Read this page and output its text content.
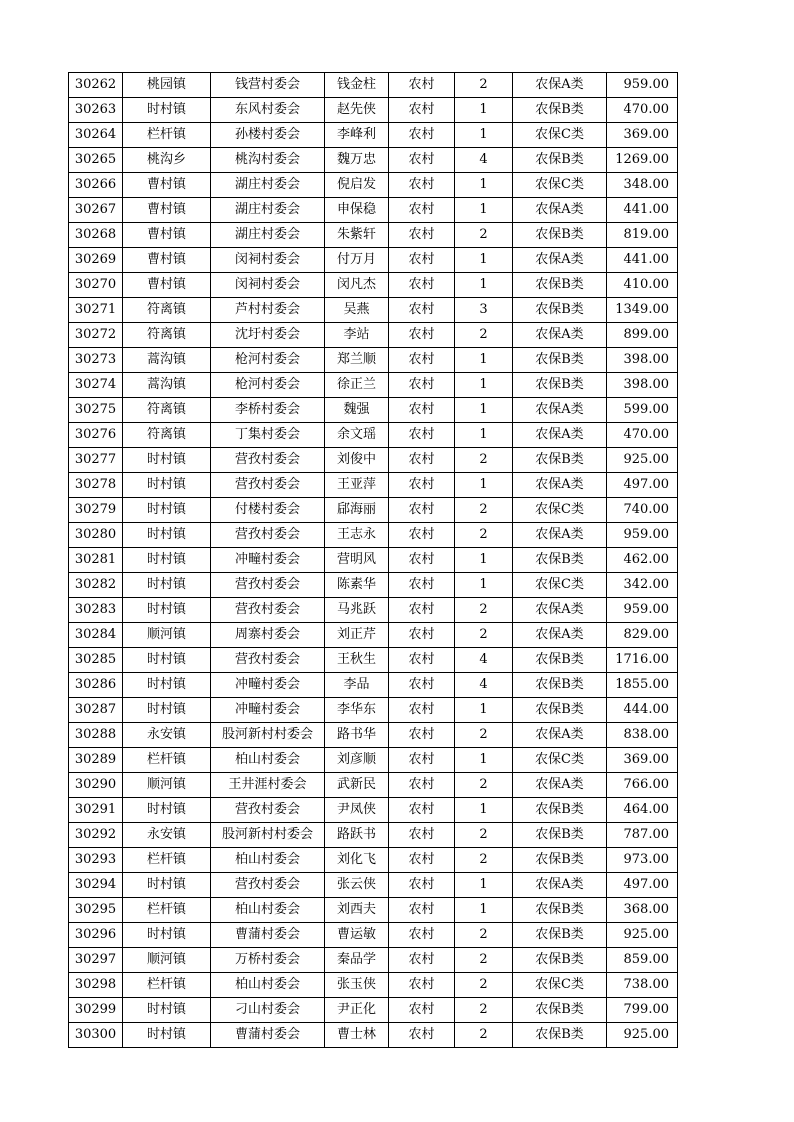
30262	桃园镇	钱营村委会	钱金柱	农村	2	农保A类	959.00
30263	时村镇	东风村委会	赵先侠	农村	1	农保B类	470.00
30264	栏杆镇	孙楼村委会	李峰利	农村	1	农保C类	369.00
30265	桃沟乡	桃沟村委会	魏万忠	农村	4	农保B类	1269.00
30266	曹村镇	湖庄村委会	倪启发	农村	1	农保C类	348.00
30267	曹村镇	湖庄村委会	申保稳	农村	1	农保A类	441.00
30268	曹村镇	湖庄村委会	朱紫轩	农村	2	农保B类	819.00
30269	曹村镇	闵祠村委会	付万月	农村	1	农保A类	441.00
30270	曹村镇	闵祠村委会	闵凡杰	农村	1	农保B类	410.00
30271	符离镇	芦村村委会	吴燕	农村	3	农保B类	1349.00
30272	符离镇	沈圩村委会	李站	农村	2	农保A类	899.00
30273	蒿沟镇	枪河村委会	郑兰顺	农村	1	农保B类	398.00
30274	蒿沟镇	枪河村委会	徐正兰	农村	1	农保B类	398.00
30275	符离镇	李桥村委会	魏强	农村	1	农保A类	599.00
30276	符离镇	丁集村委会	余文瑶	农村	1	农保A类	470.00
30277	时村镇	营孜村委会	刘俊中	农村	2	农保B类	925.00
30278	时村镇	营孜村委会	王亚萍	农村	1	农保A类	497.00
30279	时村镇	付楼村委会	郈海丽	农村	2	农保C类	740.00
30280	时村镇	营孜村委会	王志永	农村	2	农保A类	959.00
30281	时村镇	冲疃村委会	营明风	农村	1	农保B类	462.00
30282	时村镇	营孜村委会	陈素华	农村	1	农保C类	342.00
30283	时村镇	营孜村委会	马兆跃	农村	2	农保A类	959.00
30284	顺河镇	周寨村委会	刘正芹	农村	2	农保A类	829.00
30285	时村镇	营孜村委会	王秋生	农村	4	农保B类	1716.00
30286	时村镇	冲疃村委会	李品	农村	4	农保B类	1855.00
30287	时村镇	冲疃村委会	李华东	农村	1	农保B类	444.00
30288	永安镇	股河新村村委会	路书华	农村	2	农保A类	838.00
30289	栏杆镇	柏山村委会	刘彦顺	农村	1	农保C类	369.00
30290	顺河镇	王井涯村委会	武新民	农村	2	农保A类	766.00
30291	时村镇	营孜村委会	尹凤侠	农村	1	农保B类	464.00
30292	永安镇	股河新村村委会	路跃书	农村	2	农保B类	787.00
30293	栏杆镇	柏山村委会	刘化飞	农村	2	农保B类	973.00
30294	时村镇	营孜村委会	张云侠	农村	1	农保A类	497.00
30295	栏杆镇	柏山村委会	刘西夫	农村	1	农保B类	368.00
30296	时村镇	曹蒲村委会	曹运敏	农村	2	农保B类	925.00
30297	顺河镇	万桥村委会	秦品学	农村	2	农保B类	859.00
30298	栏杆镇	柏山村委会	张玉侠	农村	2	农保C类	738.00
30299	时村镇	刁山村委会	尹正化	农村	2	农保B类	799.00
30300	时村镇	曹蒲村委会	曹士林	农村	2	农保B类	925.00
